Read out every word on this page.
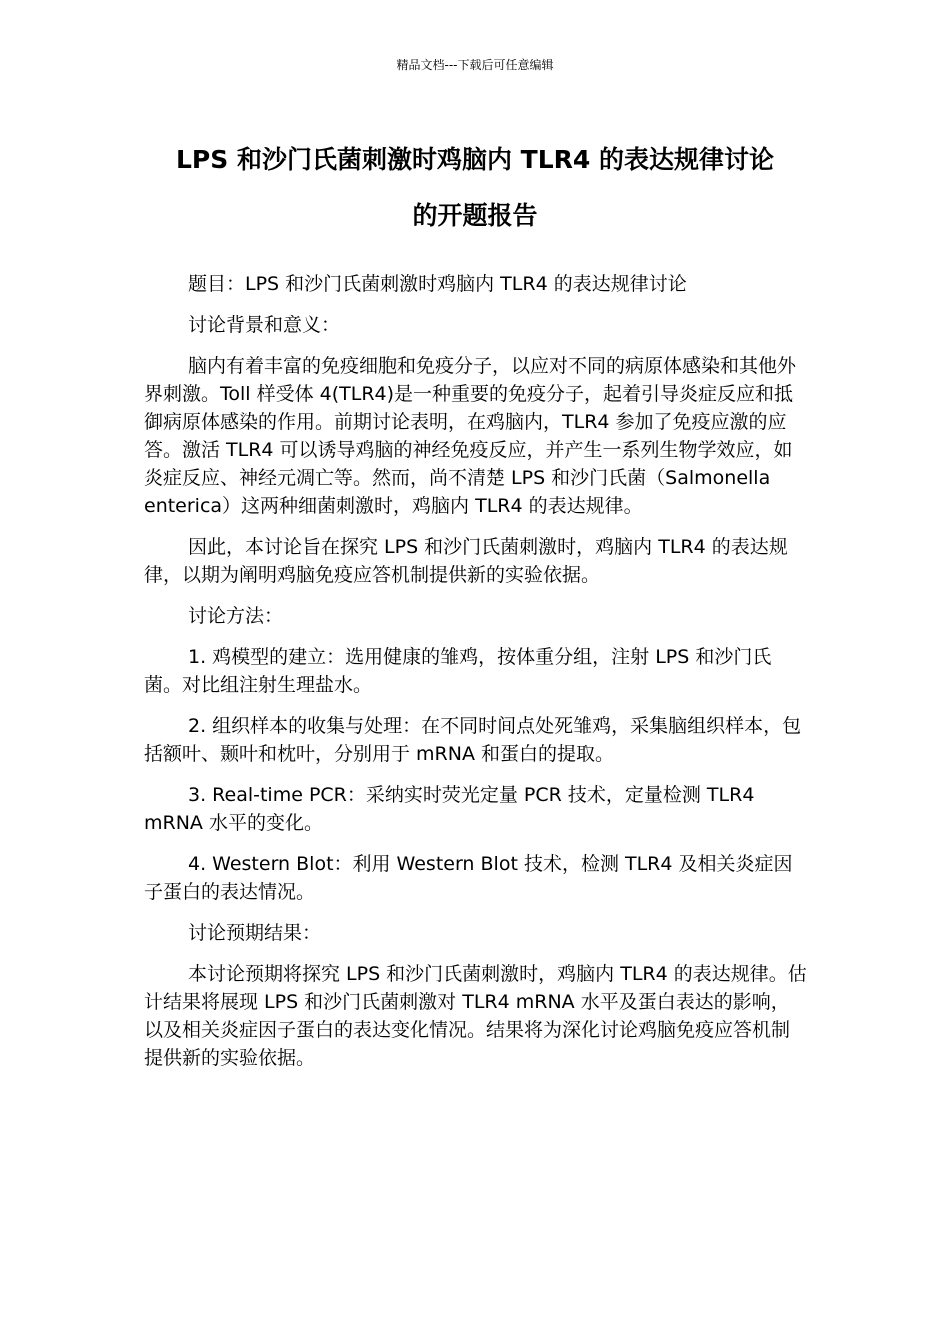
精品文档---下载后可任意编辑
LPS 和沙门氏菌刺激时鸡脑内 TLR4 的表达规律讨论
的开题报告

题目：LPS 和沙门氏菌刺激时鸡脑内 TLR4 的表达规律讨论

讨论背景和意义：

脑内有着丰富的免疫细胞和免疫分子，以应对不同的病原体感染和其他外界刺激。Toll 样受体 4(TLR4)是一种重要的免疫分子，起着引导炎症反应和抵御病原体感染的作用。前期讨论表明，在鸡脑内，TLR4 参加了免疫应激的应答。激活 TLR4 可以诱导鸡脑的神经免疫反应，并产生一系列生物学效应，如炎症反应、神经元凋亡等。然而，尚不清楚 LPS 和沙门氏菌（Salmonella enterica）这两种细菌刺激时，鸡脑内 TLR4 的表达规律。

因此，本讨论旨在探究 LPS 和沙门氏菌刺激时，鸡脑内 TLR4 的表达规律，以期为阐明鸡脑免疫应答机制提供新的实验依据。

讨论方法：

1. 鸡模型的建立：选用健康的雏鸡，按体重分组，注射 LPS 和沙门氏菌。对比组注射生理盐水。

2. 组织样本的收集与处理：在不同时间点处死雏鸡，采集脑组织样本，包括额叶、颞叶和枕叶，分别用于 mRNA 和蛋白的提取。

3. Real-time PCR：采纳实时荧光定量 PCR 技术，定量检测 TLR4 mRNA 水平的变化。

4. Western Blot：利用 Western Blot 技术，检测 TLR4 及相关炎症因子蛋白的表达情况。

讨论预期结果：

本讨论预期将探究 LPS 和沙门氏菌刺激时，鸡脑内 TLR4 的表达规律。估计结果将展现 LPS 和沙门氏菌刺激对 TLR4 mRNA 水平及蛋白表达的影响，以及相关炎症因子蛋白的表达变化情况。结果将为深化讨论鸡脑免疫应答机制提供新的实验依据。
